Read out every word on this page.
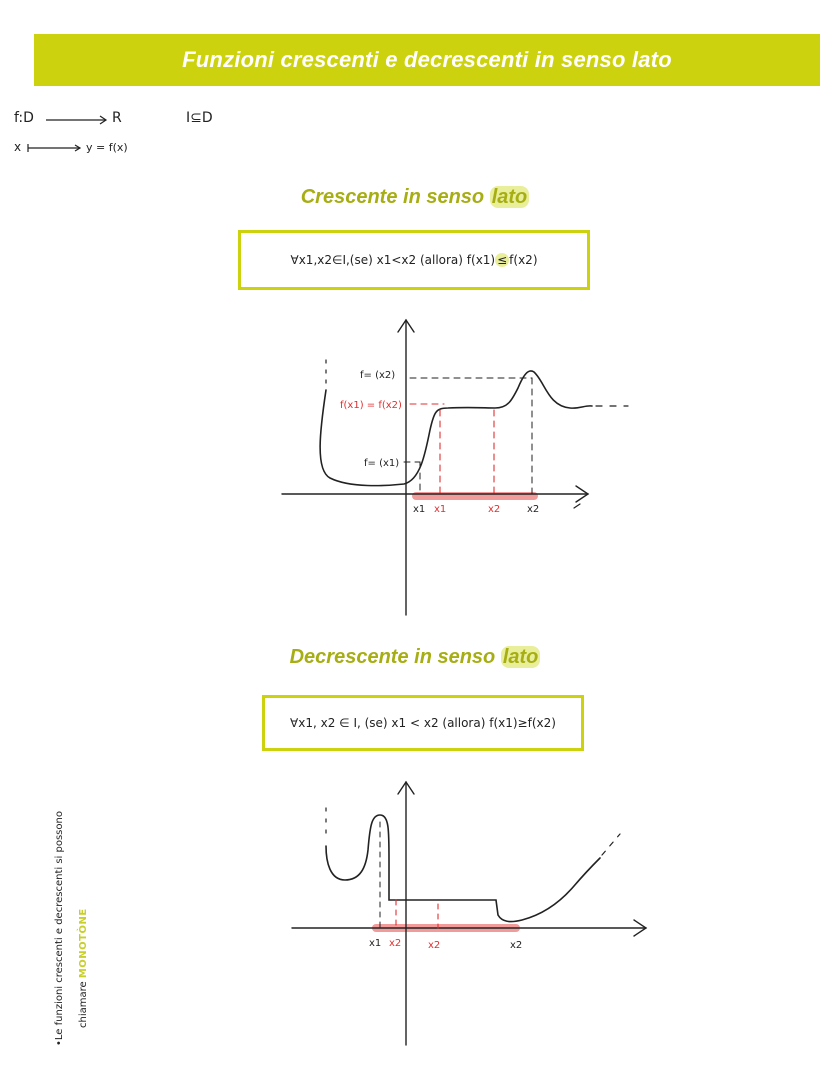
Funzioni crescenti e decrescenti in senso lato
f:D	R
x	y = f(x)
I⊆D
Crescente in senso lato
∀x1,x2∈I,(se) x1<x2 (allora) f(x1) ≤ f(x2)
Decrescente in senso lato
∀x1, x2 ∈ I, (se) x1 < x2 (allora) f(x1) ≥ f(x2)
f= (x2)
f(x1) = f(x2)
f= (x1)
x1 x1	x2	x2
x1 x2	x2	x2
•Le funzioni crescenti e decrescenti si possono chiamare MONOTÒNE
